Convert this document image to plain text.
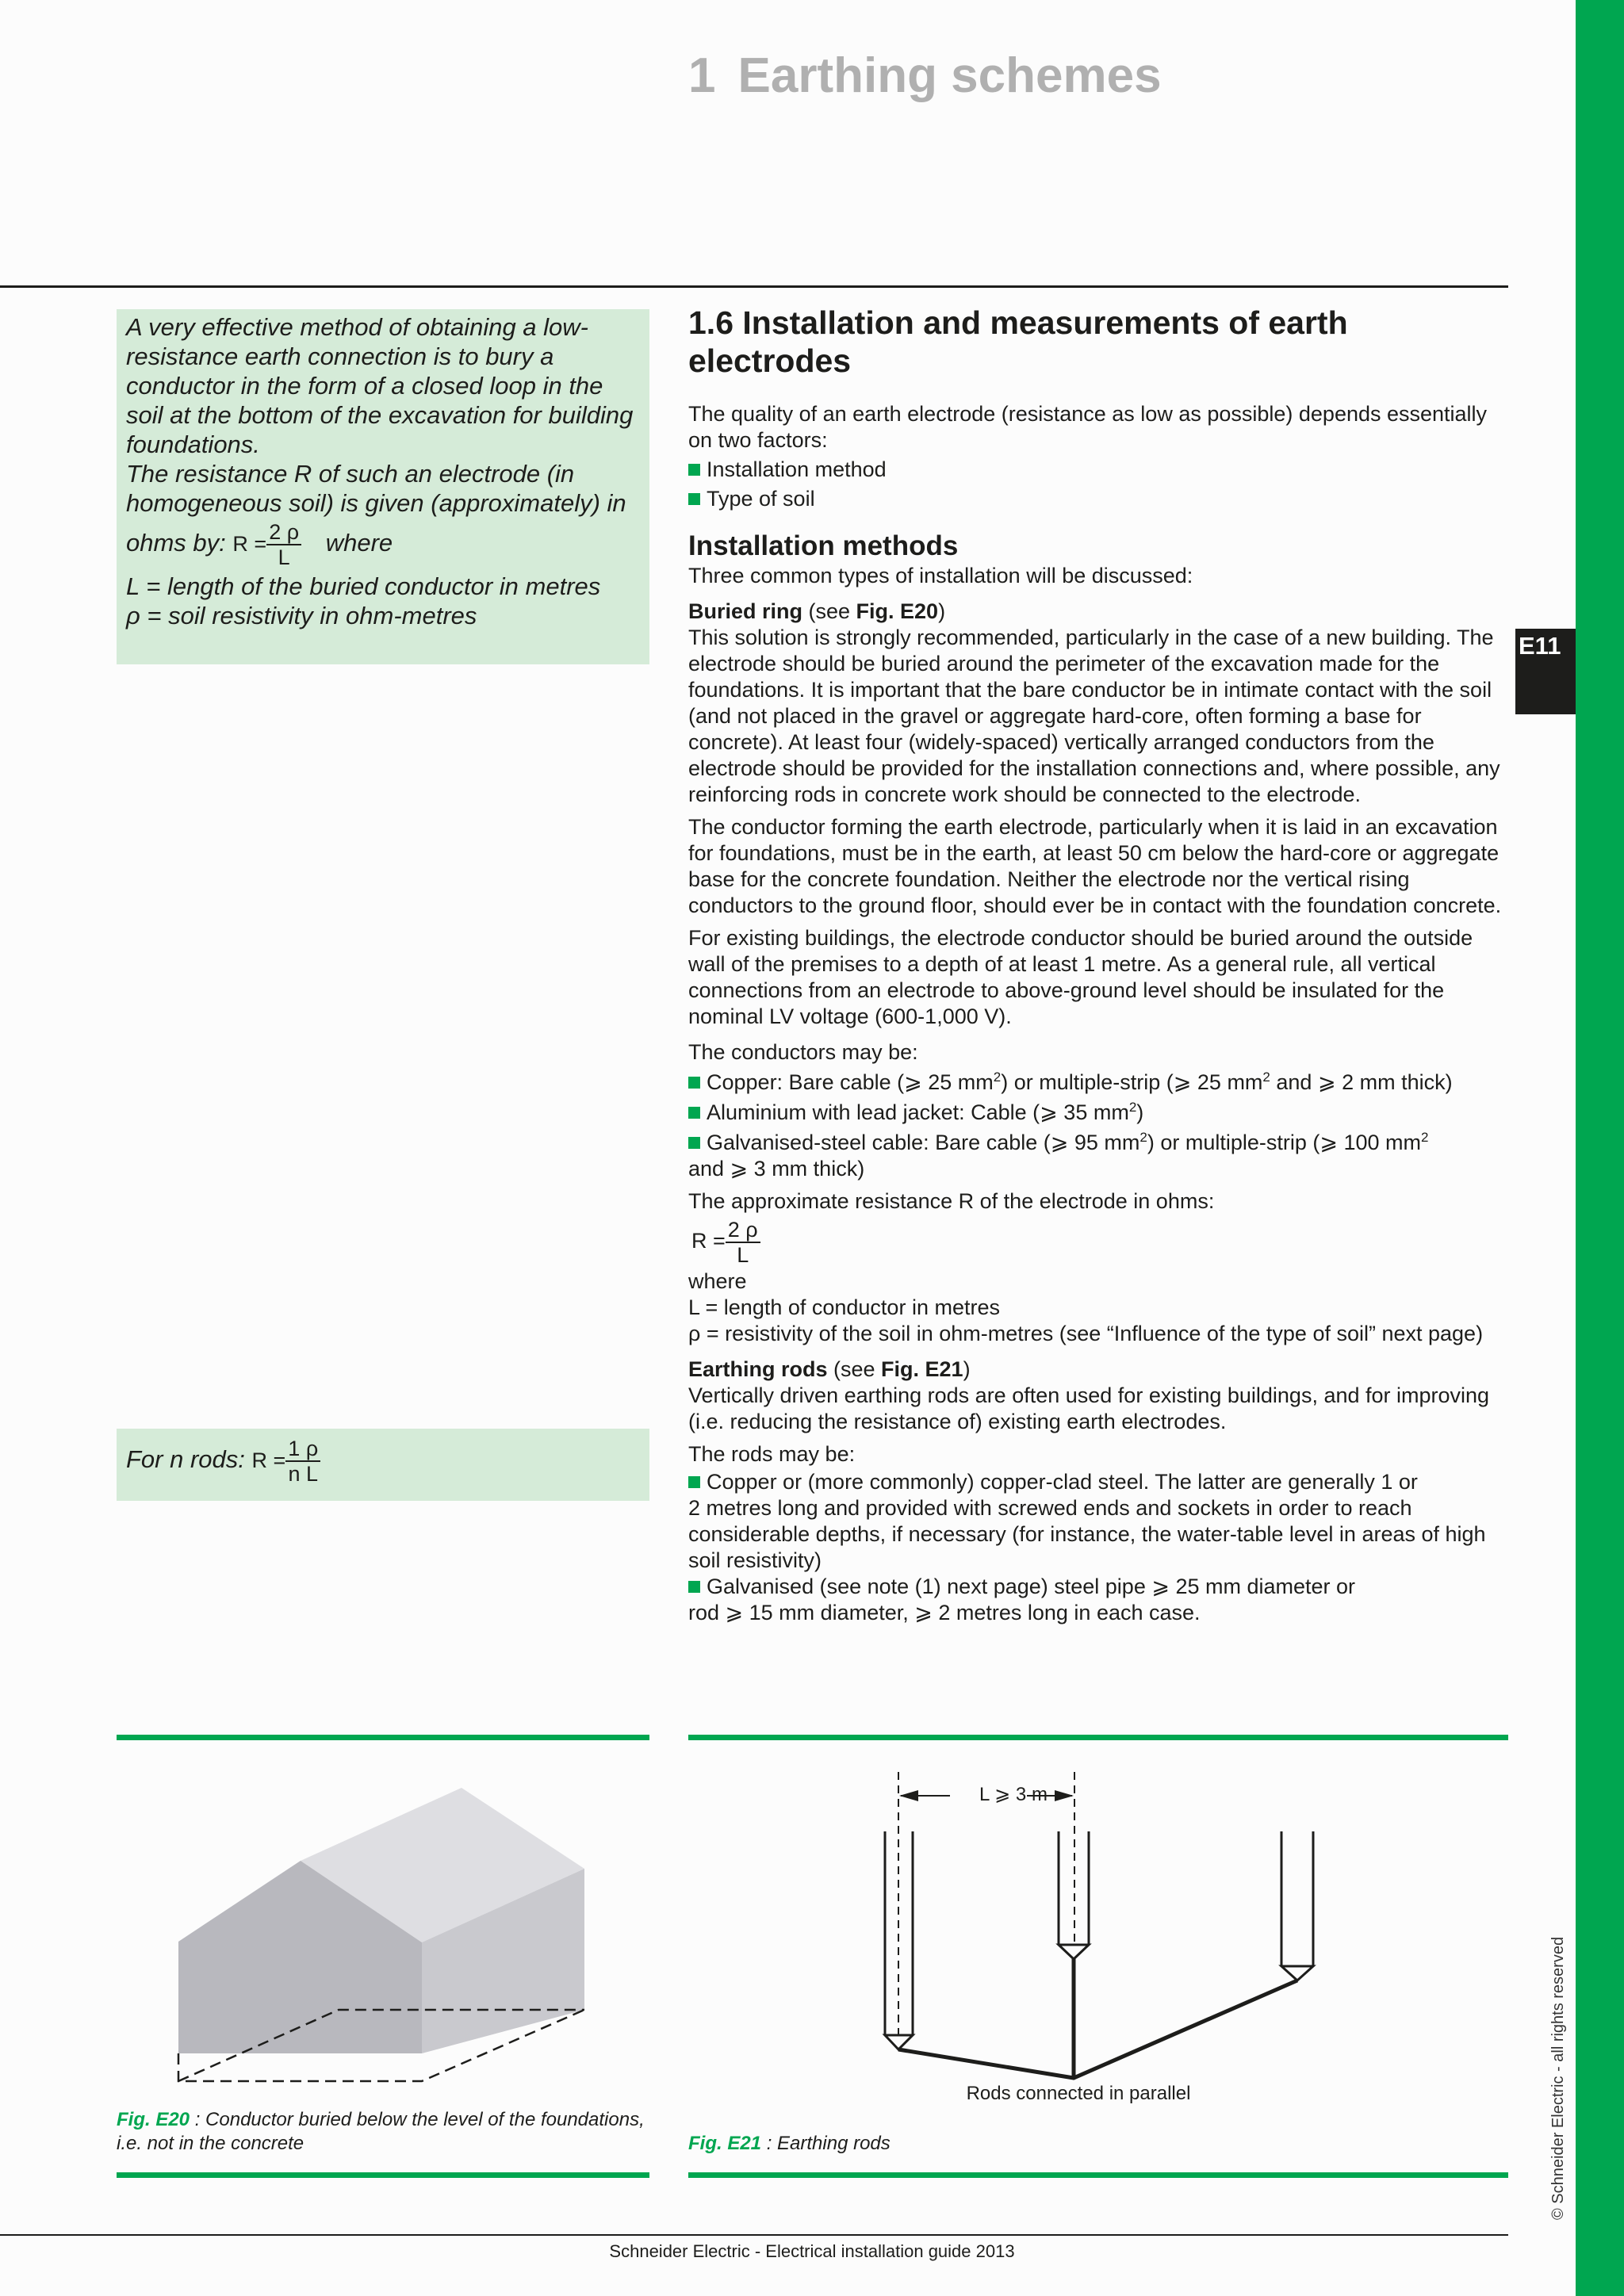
E11
© Schneider Electric - all rights reserved
1 Earthing schemes
A very effective method of obtaining a low-resistance earth connection is to bury a conductor in the form of a closed loop in the soil at the bottom of the excavation for building foundations.
The resistance R of such an electrode (in homogeneous soil) is given (approximately) in
ohms by: $R = \frac{2 \rho}{L}$ where
L = length of the buried conductor in metres
ρ = soil resistivity in ohm-metres
For n rods: $R = \frac{1 \rho}{\text{n L}}$
1.6 Installation and measurements of earth electrodes
The quality of an earth electrode (resistance as low as possible) depends essentially on two factors:
Installation method
Type of soil
Installation methods
Three common types of installation will be discussed:
Buried ring (see Fig. E20)
This solution is strongly recommended, particularly in the case of a new building. The electrode should be buried around the perimeter of the excavation made for the foundations. It is important that the bare conductor be in intimate contact with the soil (and not placed in the gravel or aggregate hard-core, often forming a base for concrete). At least four (widely-spaced) vertically arranged conductors from the electrode should be provided for the installation connections and, where possible, any reinforcing rods in concrete work should be connected to the electrode.
The conductor forming the earth electrode, particularly when it is laid in an excavation for foundations, must be in the earth, at least 50 cm below the hard-core or aggregate base for the concrete foundation. Neither the electrode nor the vertical rising conductors to the ground floor, should ever be in contact with the foundation concrete.
For existing buildings, the electrode conductor should be buried around the outside wall of the premises to a depth of at least 1 metre. As a general rule, all vertical connections from an electrode to above-ground level should be insulated for the nominal LV voltage (600-1,000 V).
The conductors may be:
Copper: Bare cable (⩾ 25 $mm^2$) or multiple-strip (⩾ 25 $mm^2$ and ⩾ 2 mm thick)
Aluminium with lead jacket: Cable (⩾ 35 $mm^2$)
Galvanised-steel cable: Bare cable (⩾ 95 $mm^2$) or multiple-strip (⩾ 100 $mm^2$
and ⩾ 3 mm thick)
The approximate resistance R of the electrode in ohms:
$R = \frac{2 \rho}{L}$
where
L = length of conductor in metres
ρ = resistivity of the soil in ohm-metres (see “Influence of the type of soil” next page)
Earthing rods (see Fig. E21)
Vertically driven earthing rods are often used for existing buildings, and for improving (i.e. reducing the resistance of) existing earth electrodes.
The rods may be:
Copper or (more commonly) copper-clad steel. The latter are generally 1 or
2 metres long and provided with screwed ends and sockets in order to reach considerable depths, if necessary (for instance, the water-table level in areas of high soil resistivity)
Galvanised (see note (1) next page) steel pipe ⩾ 25 mm diameter or
rod ⩾ 15 mm diameter, ⩾ 2 metres long in each case.
Fig. E20 : Conductor buried below the level of the foundations, i.e. not in the concrete
L ⩾ 3 m
Rods connected in parallel
Fig. E21 : Earthing rods
Schneider Electric - Electrical installation guide 2013
